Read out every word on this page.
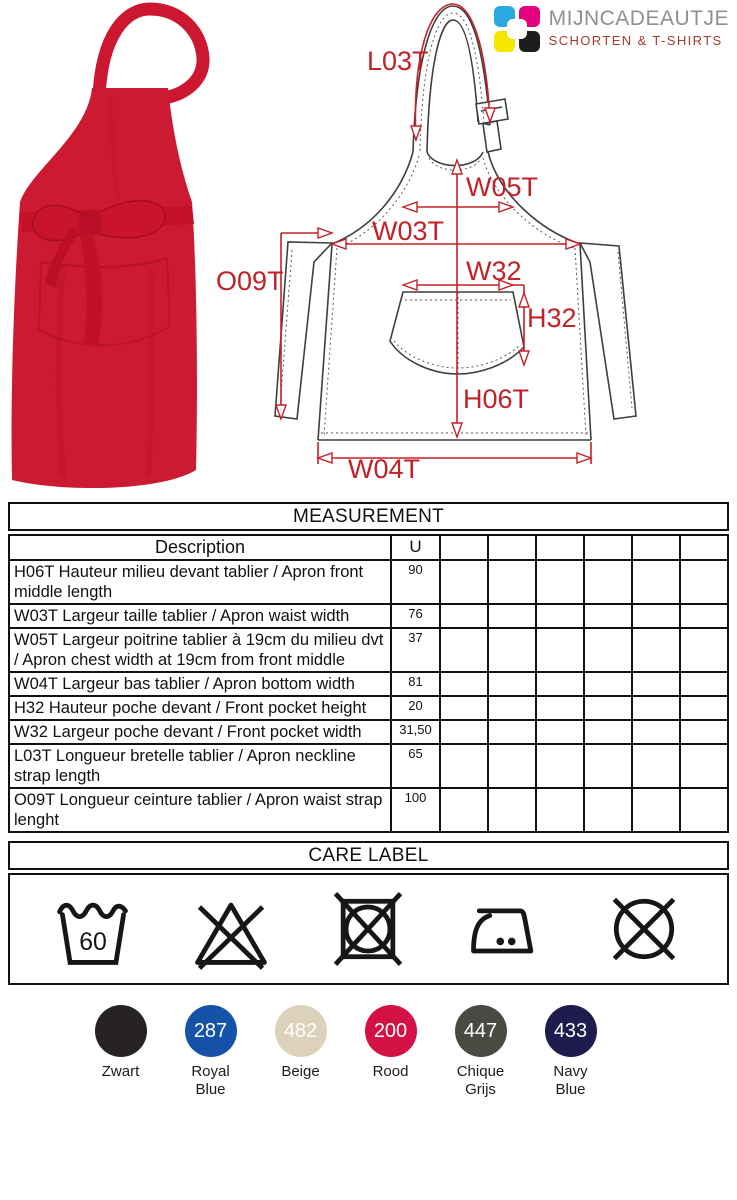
L03T
W05T
W03T
O09T	W32
H32
H06T
W04T
MIJNCADEAUTJE
SCHORTEN & T-SHIRTS
MEASUREMENT
Description	U						
H06T Hauteur milieu devant tablier / Apron front middle length	90						
W03T Largeur taille tablier / Apron waist width	76						
W05T Largeur poitrine tablier à 19cm du milieu dvt / Apron chest width at 19cm from front middle	37						
W04T Largeur bas tablier / Apron bottom width	81						
H32 Hauteur poche devant / Front pocket height	20						
W32 Largeur poche devant / Front pocket width	31,50						
L03T Longueur bretelle tablier / Apron neckline strap length	65						
O09T Longueur ceinture tablier / Apron waist strap lenght	100						
CARE LABEL
60
Zwart
287
Royal Blue
482
Beige
200
Rood
447
Chique Grijs
433
Navy Blue
